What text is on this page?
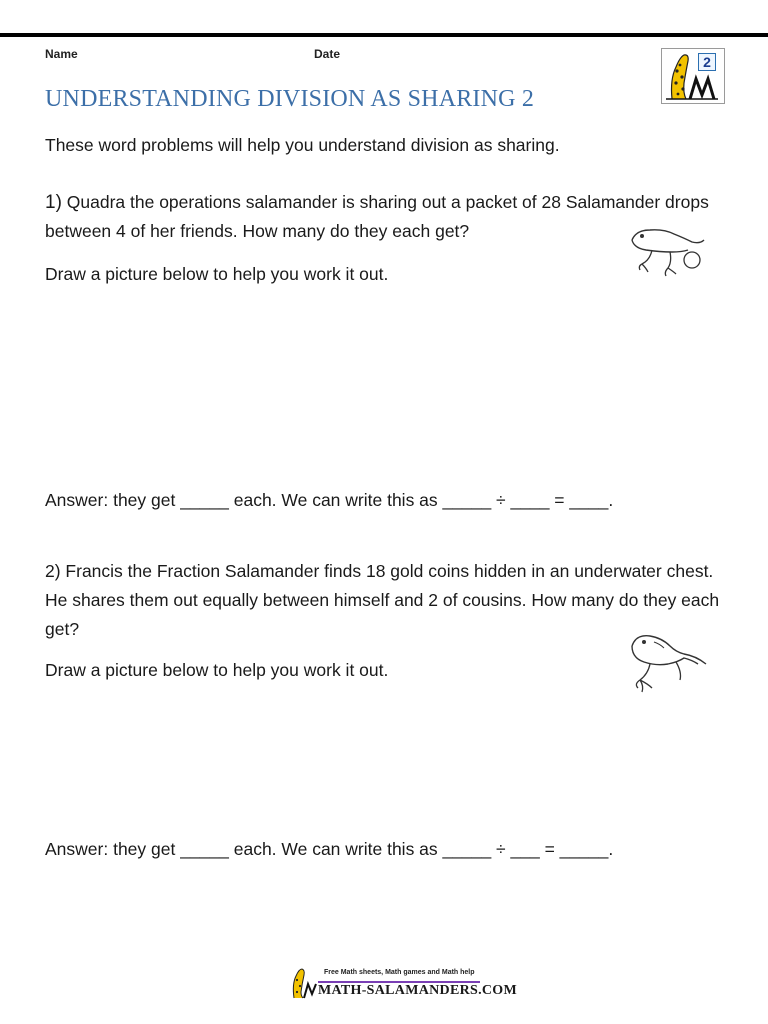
Name	Date	2
UNDERSTANDING DIVISION AS SHARING 2
These word problems will help you understand division as sharing.
1) Quadra the operations salamander is sharing out a packet of 28 Salamander drops between 4 of her friends. How many do they each get?
Draw a picture below to help you work it out.
Answer: they get _____ each. We can write this as _____ ÷ ____ = ____.
2) Francis the Fraction Salamander finds 18 gold coins hidden in an underwater chest. He shares them out equally between himself and 2 of cousins. How many do they each get?
Draw a picture below to help you work it out.
Answer: they get _____ each. We can write this as _____ ÷ ___ = _____.
Free Math sheets, Math games and Math help
MATH-SALAMANDERS.COM
